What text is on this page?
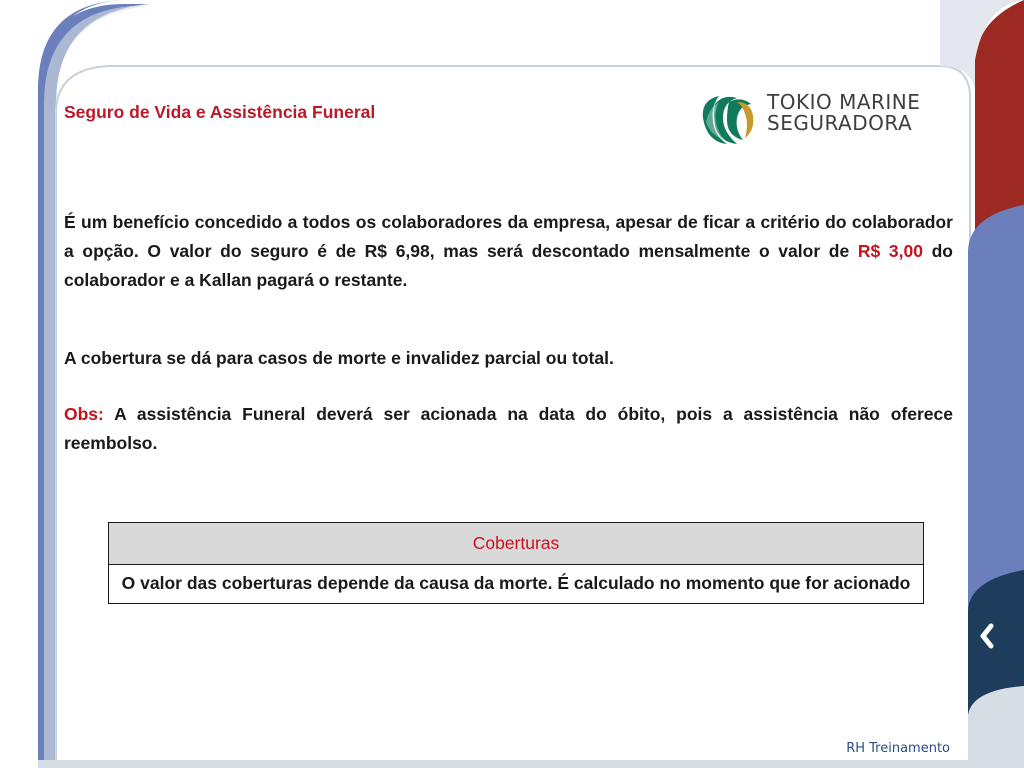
Seguro de Vida e Assistência Funeral	TOKIO MARINE
SEGURADORA
É um benefício concedido a todos os colaboradores da empresa, apesar de ficar a critério do colaborador a opção. O valor do seguro é de R$ 6,98, mas será descontado mensalmente o valor de R$ 3,00 do colaborador e a Kallan pagará o restante.
A cobertura se dá para casos de morte e invalidez parcial ou total.
Obs: A assistência Funeral deverá ser acionada na data do óbito, pois a assistência não oferece reembolso.
Coberturas
O valor das coberturas depende da causa da morte. É calculado no momento que for acionado
RH Treinamento
